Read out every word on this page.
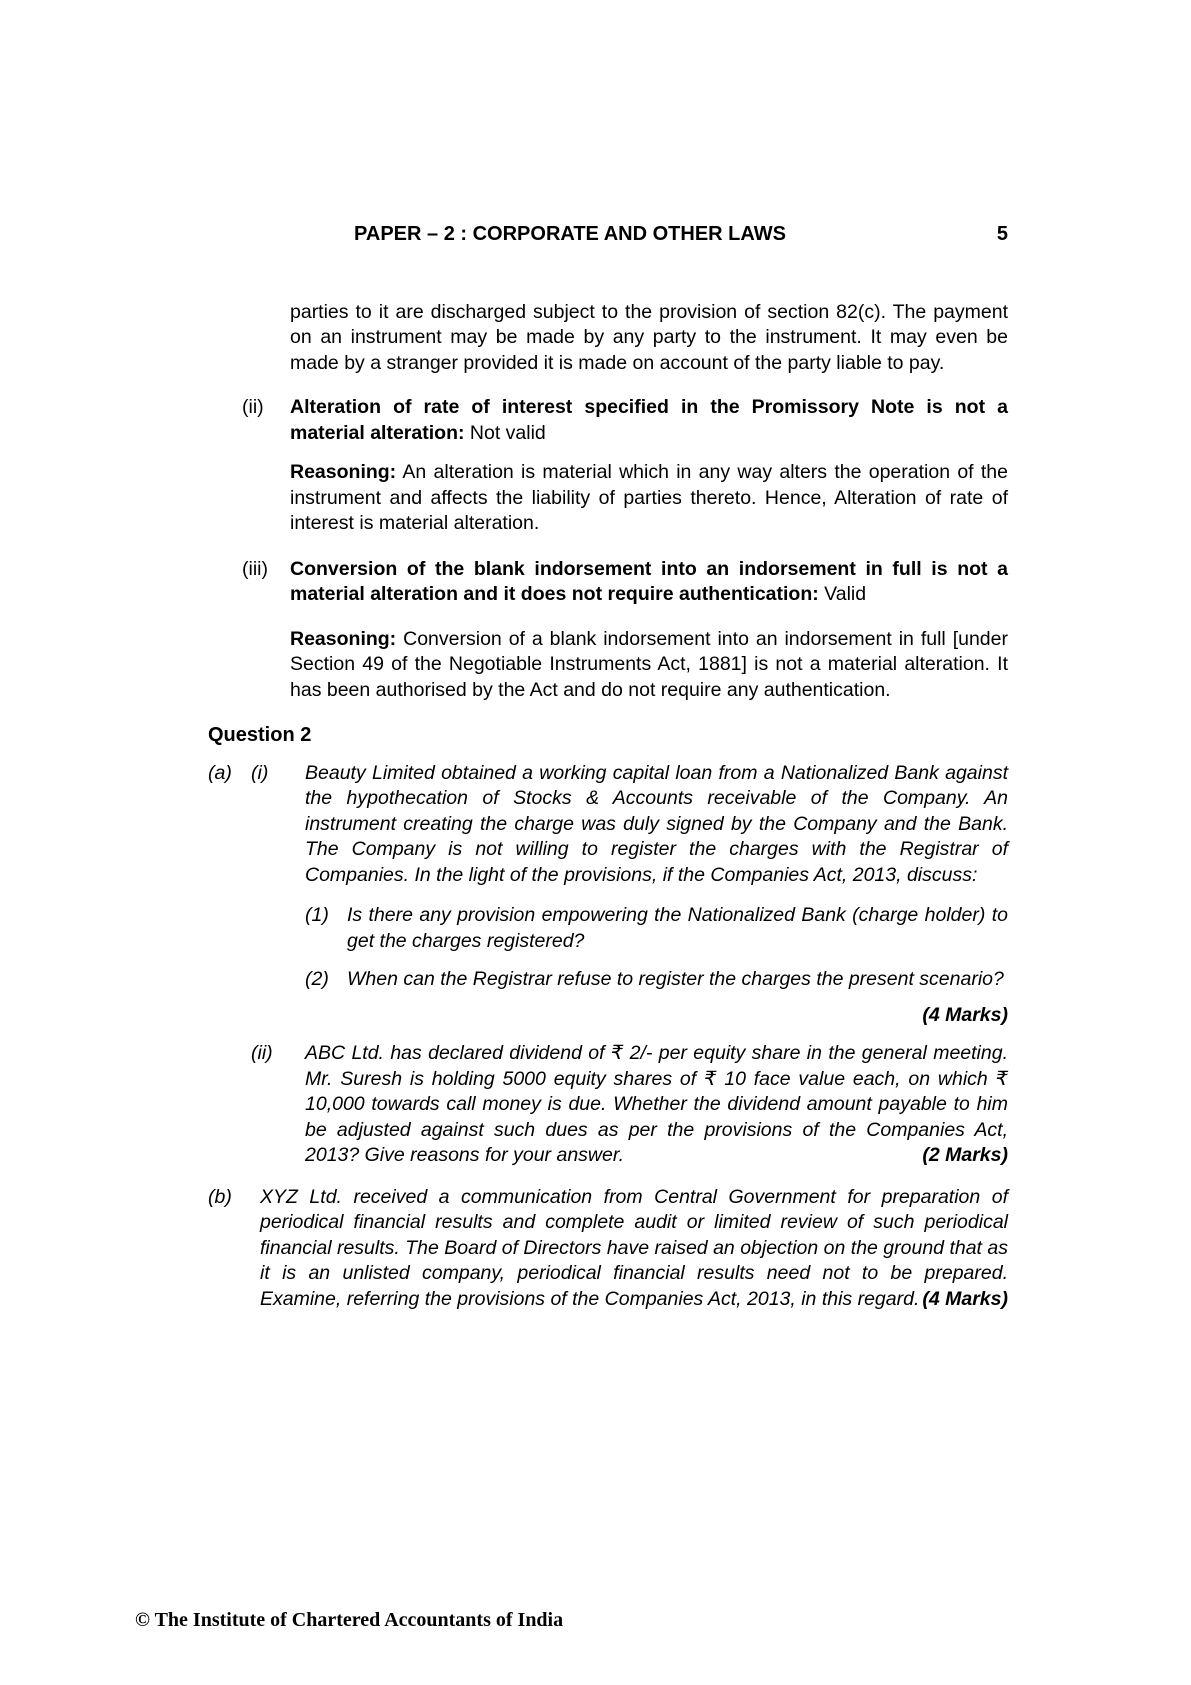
PAPER – 2 : CORPORATE AND OTHER LAWS	5
parties to it are discharged subject to the provision of section 82(c). The payment on an instrument may be made by any party to the instrument. It may even be made by a stranger provided it is made on account of the party liable to pay.
(ii) Alteration of rate of interest specified in the Promissory Note is not a material alteration: Not valid
Reasoning: An alteration is material which in any way alters the operation of the instrument and affects the liability of parties thereto. Hence, Alteration of rate of interest is material alteration.
(iii) Conversion of the blank indorsement into an indorsement in full is not a material alteration and it does not require authentication: Valid
Reasoning: Conversion of a blank indorsement into an indorsement in full [under Section 49 of the Negotiable Instruments Act, 1881] is not a material alteration. It has been authorised by the Act and do not require any authentication.
Question 2
(a) (i) Beauty Limited obtained a working capital loan from a Nationalized Bank against the hypothecation of Stocks & Accounts receivable of the Company. An instrument creating the charge was duly signed by the Company and the Bank. The Company is not willing to register the charges with the Registrar of Companies. In the light of the provisions, if the Companies Act, 2013, discuss:
(1) Is there any provision empowering the Nationalized Bank (charge holder) to get the charges registered?
(2) When can the Registrar refuse to register the charges the present scenario?
(4 Marks)
(ii) ABC Ltd. has declared dividend of ₹ 2/- per equity share in the general meeting. Mr. Suresh is holding 5000 equity shares of ₹ 10 face value each, on which ₹ 10,000 towards call money is due. Whether the dividend amount payable to him be adjusted against such dues as per the provisions of the Companies Act, 2013? Give reasons for your answer.	(2 Marks)
(b) XYZ Ltd. received a communication from Central Government for preparation of periodical financial results and complete audit or limited review of such periodical financial results. The Board of Directors have raised an objection on the ground that as it is an unlisted company, periodical financial results need not to be prepared. Examine, referring the provisions of the Companies Act, 2013, in this regard. (4 Marks)
© The Institute of Chartered Accountants of India
